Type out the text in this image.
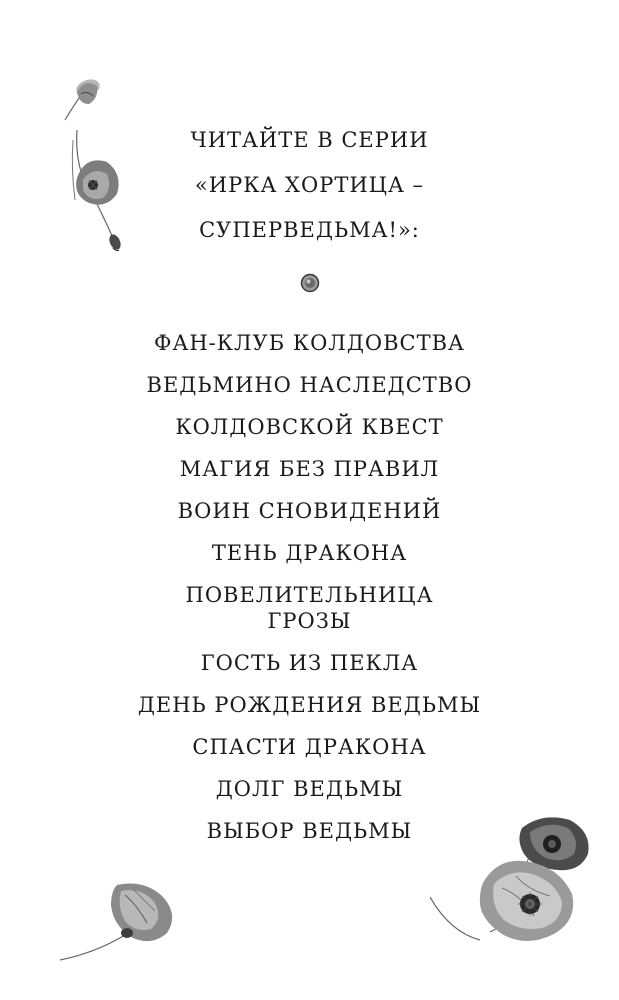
ЧИТАЙТЕ В СЕРИИ
«ИРКА ХОРТИЦА –
СУПЕРВЕДЬМА!»:
ФАН-КЛУБ КОЛДОВСТВА
ВЕДЬМИНО НАСЛЕДСТВО
КОЛДОВСКОЙ КВЕСТ
МАГИЯ БЕЗ ПРАВИЛ
ВОИН СНОВИДЕНИЙ
ТЕНЬ ДРАКОНА
ПОВЕЛИТЕЛЬНИЦА
ГРОЗЫ
ГОСТЬ ИЗ ПЕКЛА
ДЕНЬ РОЖДЕНИЯ ВЕДЬМЫ
СПАСТИ ДРАКОНА
ДОЛГ ВЕДЬМЫ
ВЫБОР ВЕДЬМЫ
